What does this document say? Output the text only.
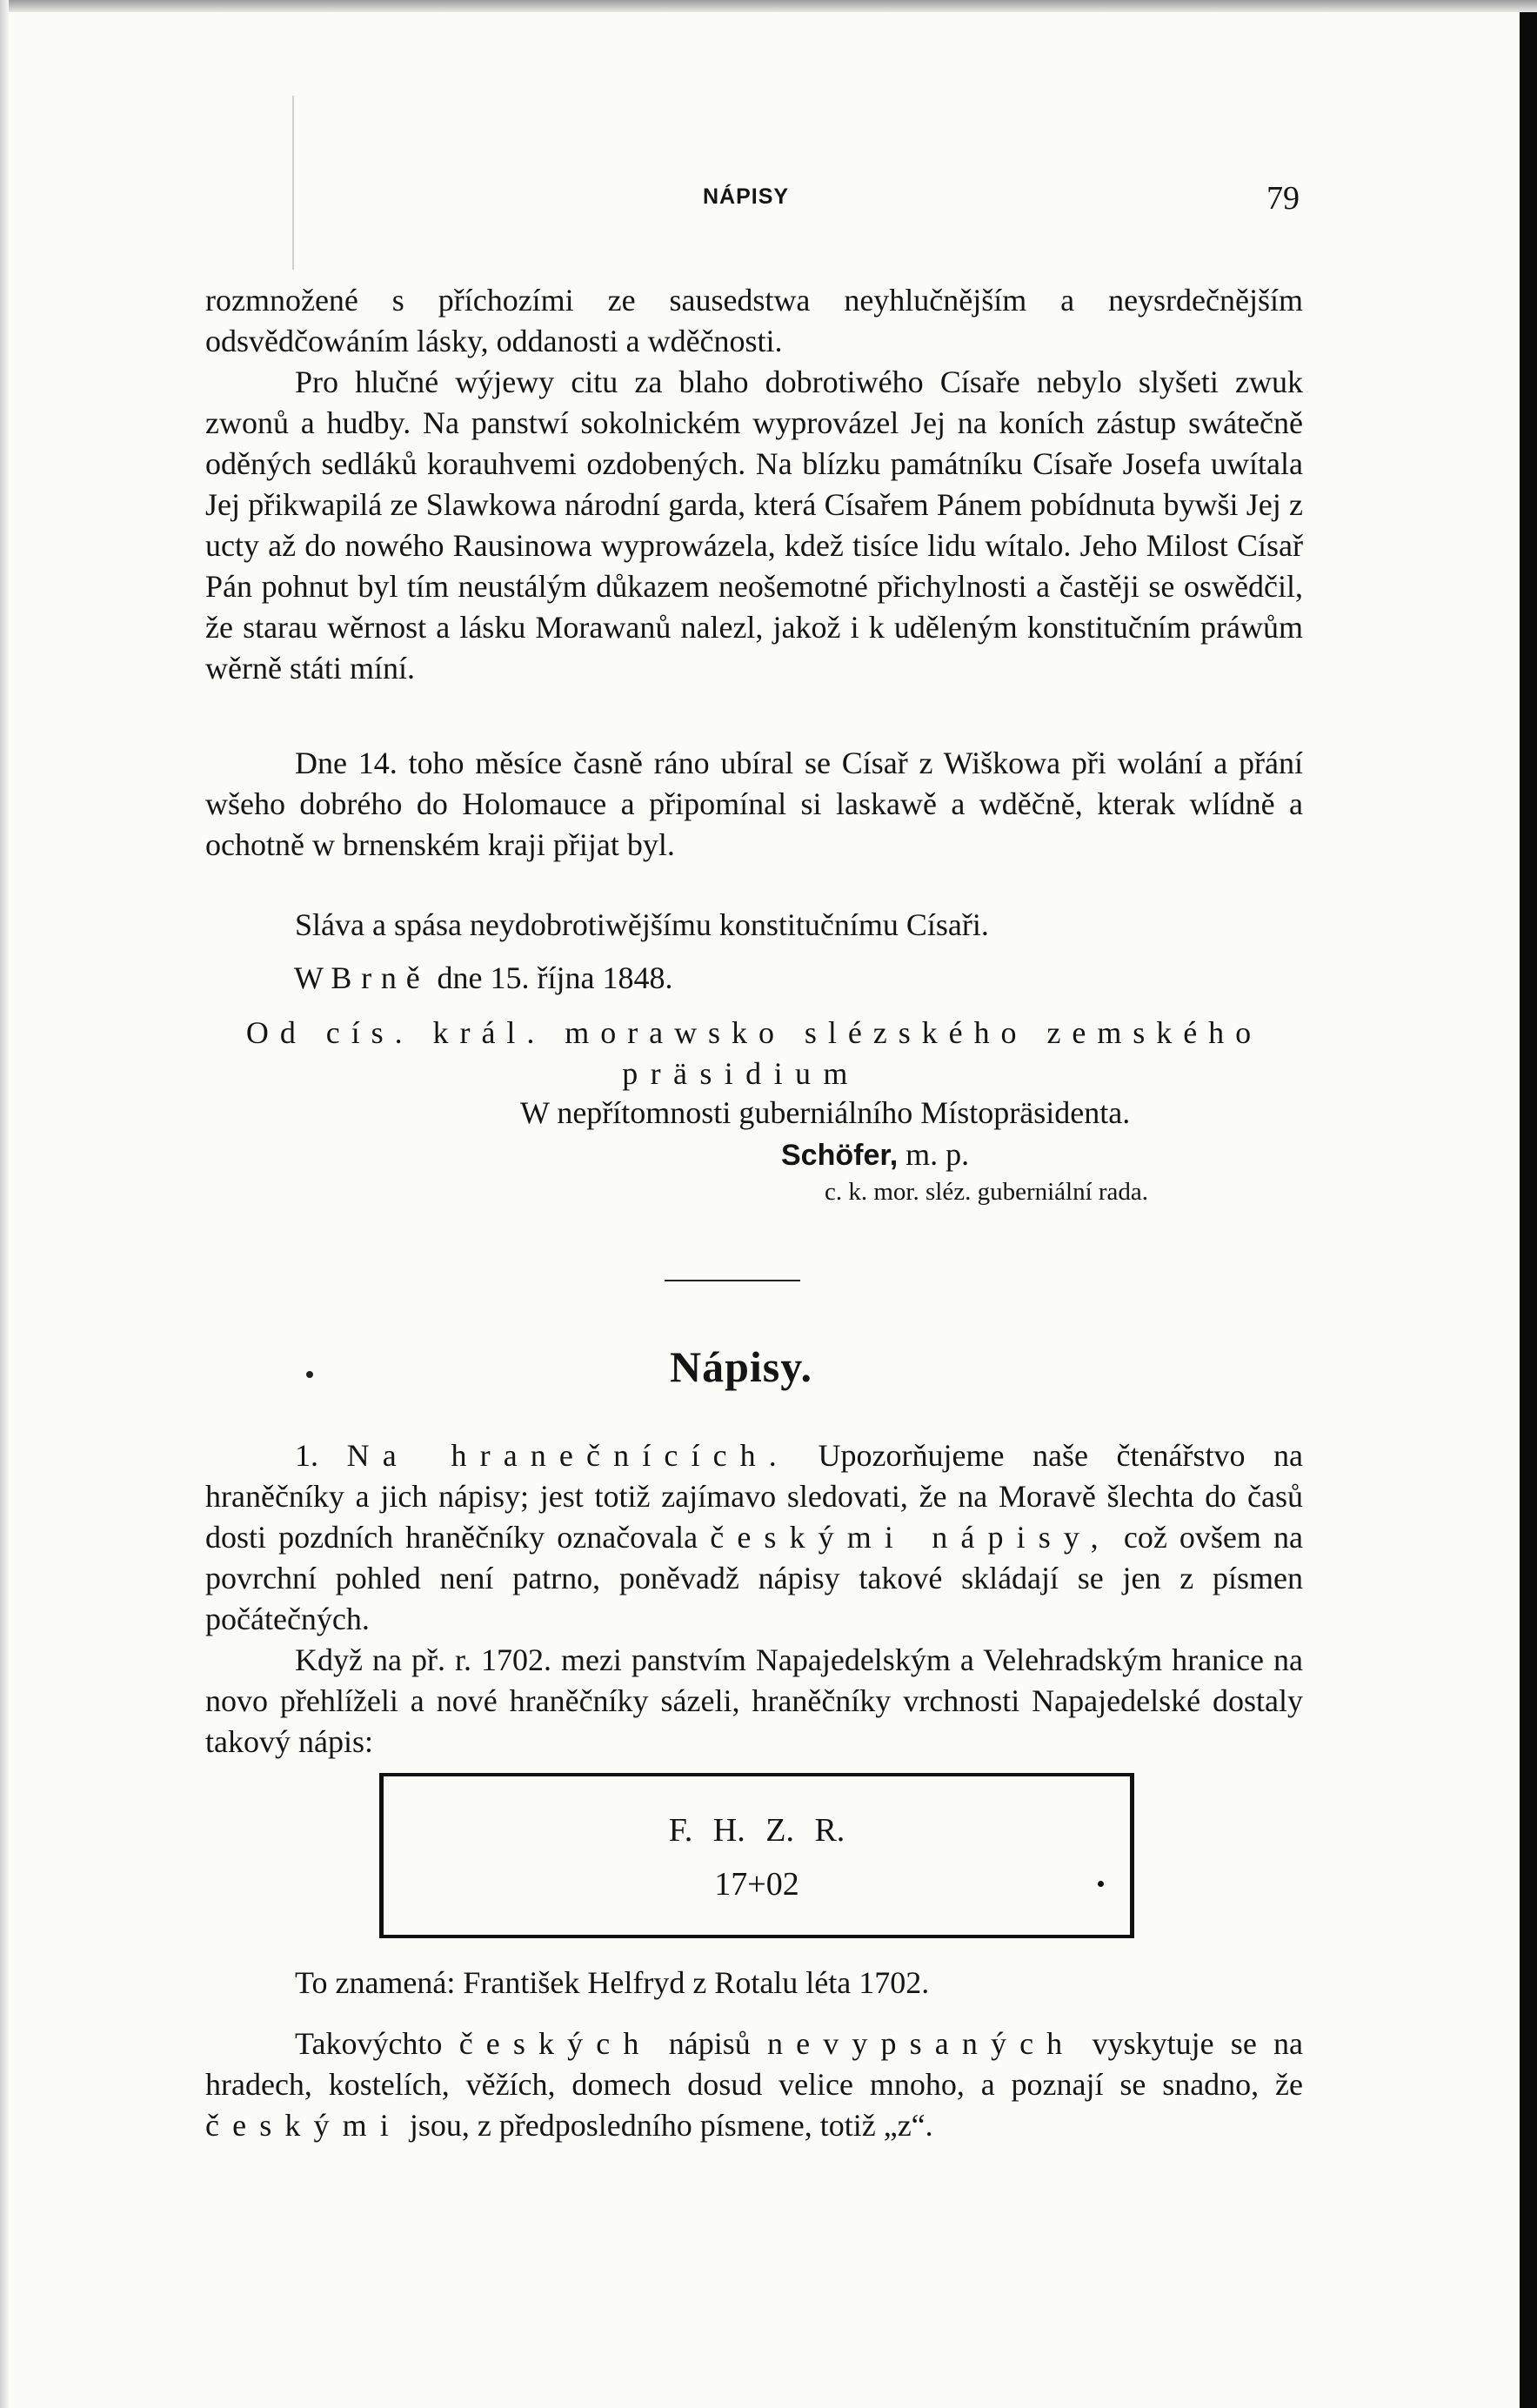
NÁPISY	79

rozmnožené s příchozími ze sausedstwa neyhlučnějším a neysrdečnějším odsvědčowáním lásky, oddanosti a wděčnosti.

Pro hlučné wýjewy citu za blaho dobrotiwého Císaře nebylo slyšeti zwuk zwonů a hudby. Na panstwí sokolnickém wyprovázel Jej na koních zástup swátečně oděných sedláků korauhvemi ozdobených. Na blízku památníku Císaře Josefa uwítala Jej přikwapilá ze Slawkowa národní garda, která Císařem Pánem pobídnuta bywši Jej z ucty až do nowého Rausinowa wyprowázela, kdež tisíce lidu wítalo. Jeho Milost Císař Pán pohnut byl tím neustálým důkazem neošemotné přichylnosti a častěji se oswědčil, že starau wěrnost a lásku Morawanů nalezl, jakož i k uděleným konstitučním práwům wěrně státi míní.

Dne 14. toho měsíce časně ráno ubíral se Císař z Wiškowa při wolání a přání wšeho dobrého do Holomauce a připomínal si laskawě a wděčně, kterak wlídně a ochotně w brnenském kraji přijat byl.

Sláva a spása neydobrotiwějšímu konstitučnímu Císaři.

W Brně dne 15. října 1848.
Od cís. král. morawsko slézského zemského
präsidium
W nepřítomnosti guberniálního Místopräsidenta.
Schöfer, m. p.
c. k. mor. sléz. guberniální rada.
Nápisy.

1. Na hranečnících. Upozorňujeme naše čtenářstvo na hraněčníky a jich nápisy; jest totiž zajímavo sledovati, že na Moravě šlechta do časů dosti pozdních hraněčníky označovala českými nápisy, což ovšem na povrchní pohled není patrno, poněvadž nápisy takové skládají se jen z písmen počátečných.

Když na př. r. 1702. mezi panstvím Napajedelským a Velehradským hranice na novo přehlíželi a nové hraněčníky sázeli, hraněčníky vrchnosti Napajedelské dostaly takový nápis:

F. H. Z. R.
17+02

To znamená: František Helfryd z Rotalu léta 1702.

Takovýchto českých nápisů nevypsaných vyskytuje se na hradech, kostelích, věžích, domech dosud velice mnoho, a poznají se snadno, že českými jsou, z předposledního písmene, totiž „z“.
